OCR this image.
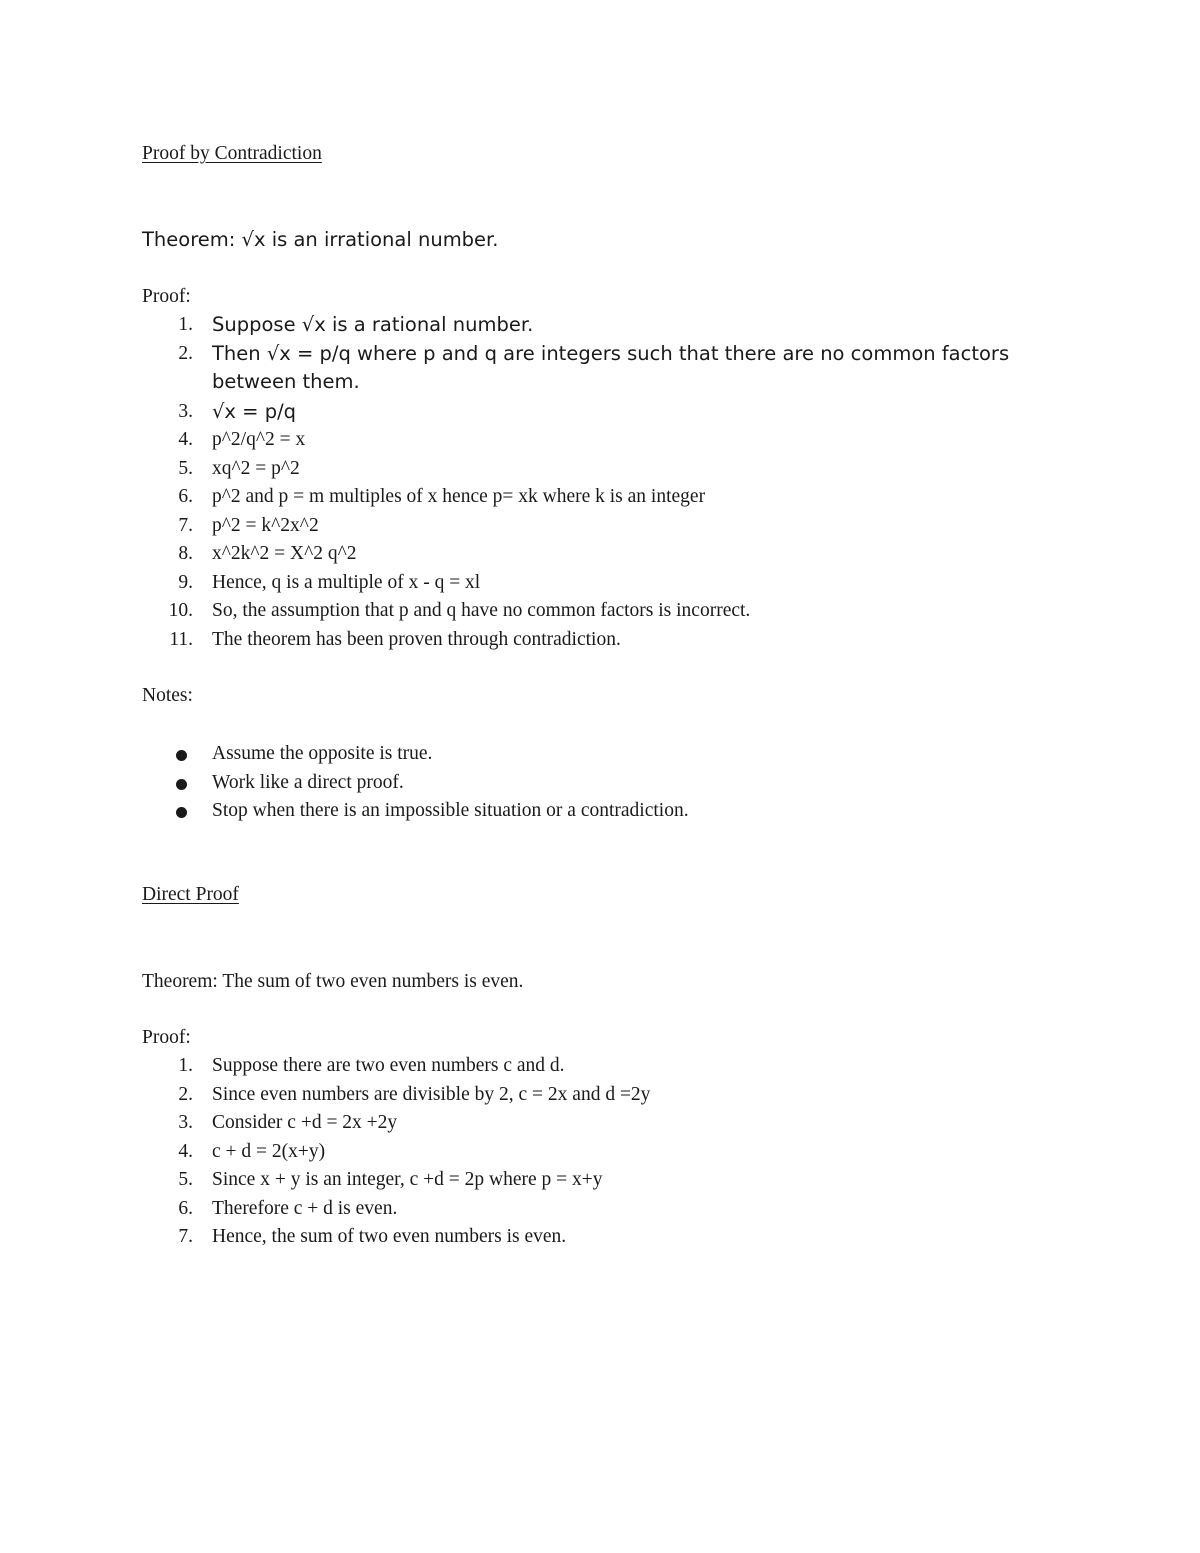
Proof by Contradiction
Theorem: √x is an irrational number.
Proof:
1. Suppose √x is a rational number.
2. Then √x = p/q where p and q are integers such that there are no common factors between them.
3. √x = p/q
4. p^2/q^2 = x
5. xq^2 = p^2
6. p^2 and p = m multiples of x hence p= xk where k is an integer
7. p^2 = k^2x^2
8. x^2k^2 = X^2 q^2
9. Hence, q is a multiple of x - q = xl
10. So, the assumption that p and q have no common factors is incorrect.
11. The theorem has been proven through contradiction.
Notes:
Assume the opposite is true.
Work like a direct proof.
Stop when there is an impossible situation or a contradiction.
Direct Proof
Theorem: The sum of two even numbers is even.
Proof:
1. Suppose there are two even numbers c and d.
2. Since even numbers are divisible by 2, c = 2x and d =2y
3. Consider c +d = 2x +2y
4. c + d = 2(x+y)
5. Since x + y is an integer, c +d = 2p where p = x+y
6. Therefore c + d is even.
7. Hence, the sum of two even numbers is even.
